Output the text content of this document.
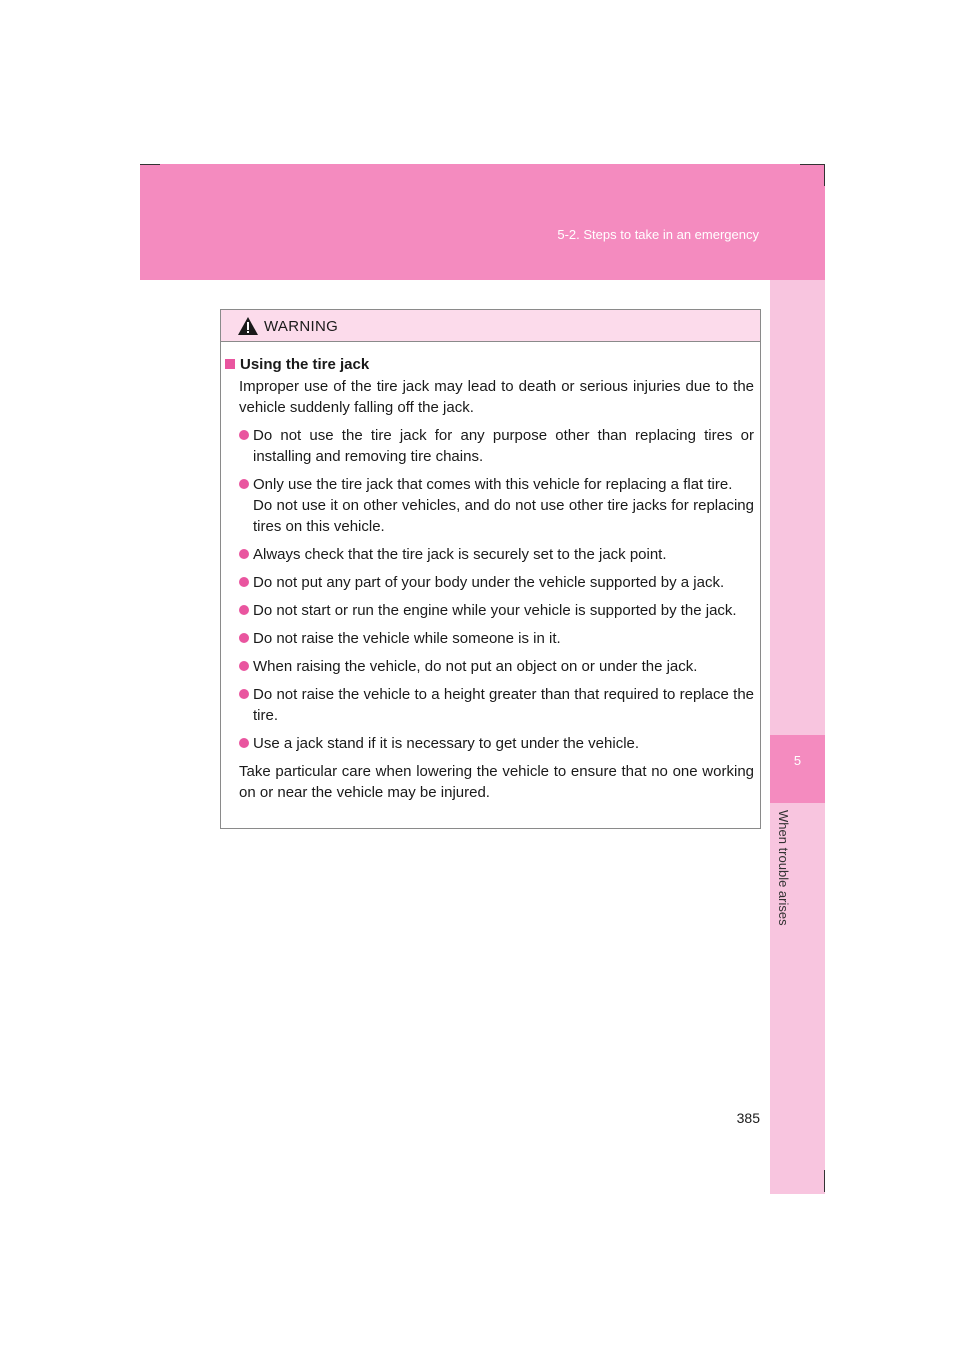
5-2. Steps to take in an emergency
5
When trouble arises
WARNING
Using the tire jack
Improper use of the tire jack may lead to death or serious injuries due to the vehicle suddenly falling off the jack.
Do not use the tire jack for any purpose other than replacing tires or installing and removing tire chains.
Only use the tire jack that comes with this vehicle for replacing a flat tire.
Do not use it on other vehicles, and do not use other tire jacks for replacing tires on this vehicle.
Always check that the tire jack is securely set to the jack point.
Do not put any part of your body under the vehicle supported by a jack.
Do not start or run the engine while your vehicle is supported by the jack.
Do not raise the vehicle while someone is in it.
When raising the vehicle, do not put an object on or under the jack.
Do not raise the vehicle to a height greater than that required to replace the tire.
Use a jack stand if it is necessary to get under the vehicle.
Take particular care when lowering the vehicle to ensure that no one working on or near the vehicle may be injured.
385
